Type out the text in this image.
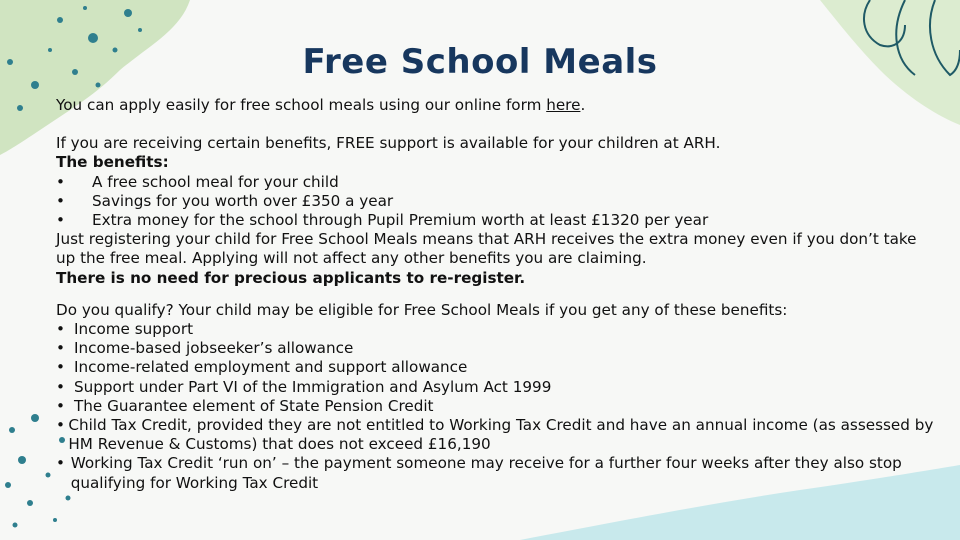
Free School Meals
You can apply easily for free school meals using our online form here.
If you are receiving certain benefits, FREE support is available for your children at ARH.
The benefits:
•	A free school meal for your child
•	Savings for you worth over £350 a year
•	Extra money for the school through Pupil Premium worth at least £1320 per year
Just registering your child for Free School Meals means that ARH receives the extra money even if you don’t take
up the free meal. Applying will not affect any other benefits you are claiming.
There is no need for precious applicants to re-register.
Do you qualify? Your child may be eligible for Free School Meals if you get any of these benefits:
• Income support
• Income-based jobseeker’s allowance
• Income-related employment and support allowance
• Support under Part VI of the Immigration and Asylum Act 1999
• The Guarantee element of State Pension Credit
• Child Tax Credit, provided they are not entitled to Working Tax Credit and have an annual income (as assessed by HM Revenue & Customs) that does not exceed £16,190
• Working Tax Credit ‘run on’ – the payment someone may receive for a further four weeks after they also stop qualifying for Working Tax Credit
